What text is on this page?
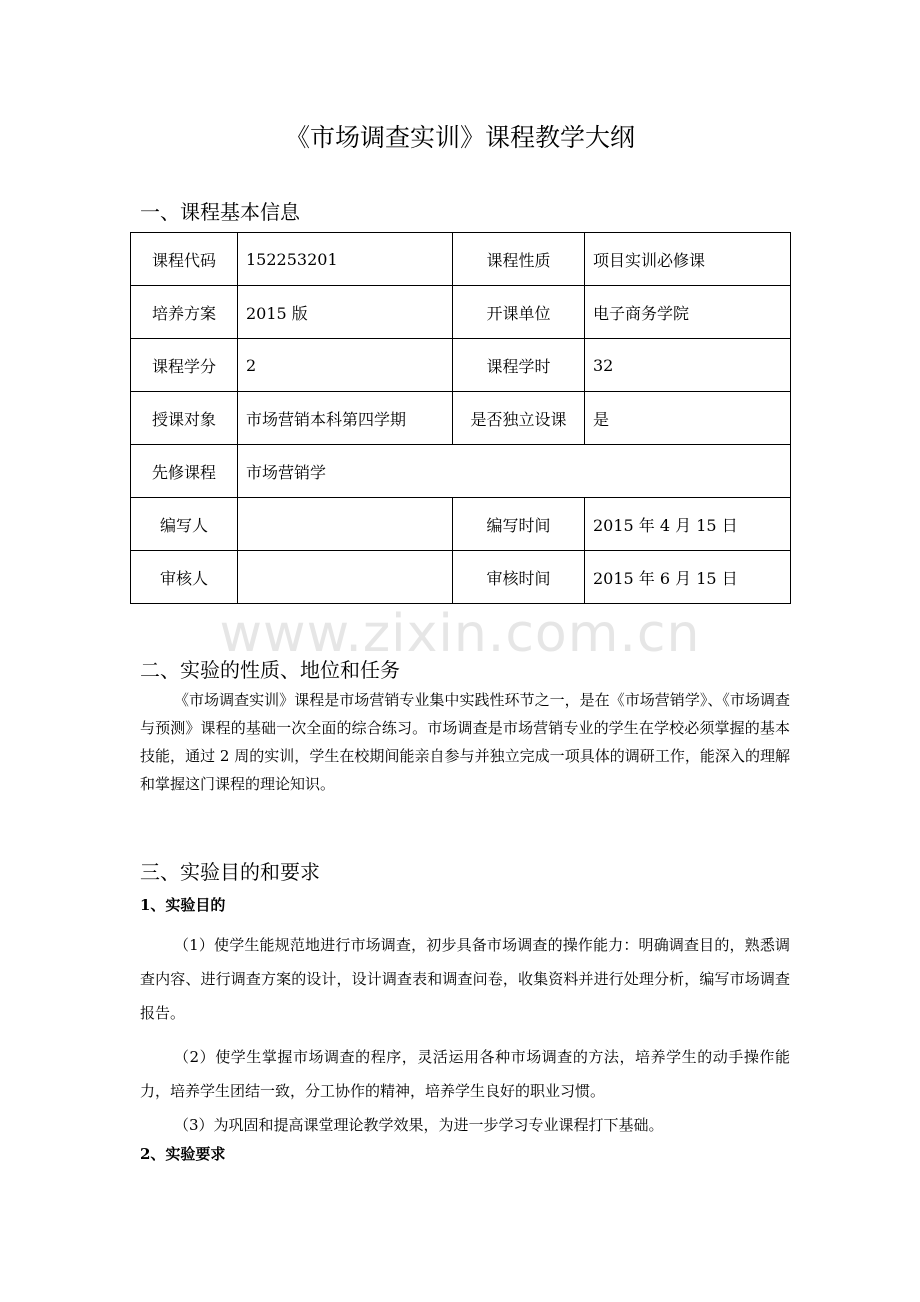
《市场调查实训》课程教学大纲
一、课程基本信息
课程代码	152253201	课程性质	项目实训必修课
培养方案	2015 版	开课单位	电子商务学院
课程学分	2	课程学时	32
授课对象	市场营销本科第四学期	是否独立设课	是
先修课程	市场营销学		
编写人		编写时间	2015 年 4 月 15 日
审核人		审核时间	2015 年 6 月 15 日
www.zixin.com.cn
二、实验的性质、地位和任务

《市场调查实训》课程是市场营销专业集中实践性环节之一，是在《市场营销学》、《市场调查与预测》课程的基础一次全面的综合练习。市场调查是市场营销专业的学生在学校必须掌握的基本技能，通过 2 周的实训，学生在校期间能亲自参与并独立完成一项具体的调研工作，能深入的理解和掌握这门课程的理论知识。

三、实验目的和要求
1、实验目的

（1）使学生能规范地进行市场调查，初步具备市场调查的操作能力：明确调查目的，熟悉调查内容、进行调查方案的设计，设计调查表和调查问卷，收集资料并进行处理分析，编写市场调查报告。

（2）使学生掌握市场调查的程序，灵活运用各种市场调查的方法，培养学生的动手操作能力，培养学生团结一致，分工协作的精神，培养学生良好的职业习惯。

（3）为巩固和提高课堂理论教学效果，为进一步学习专业课程打下基础。

2、实验要求
